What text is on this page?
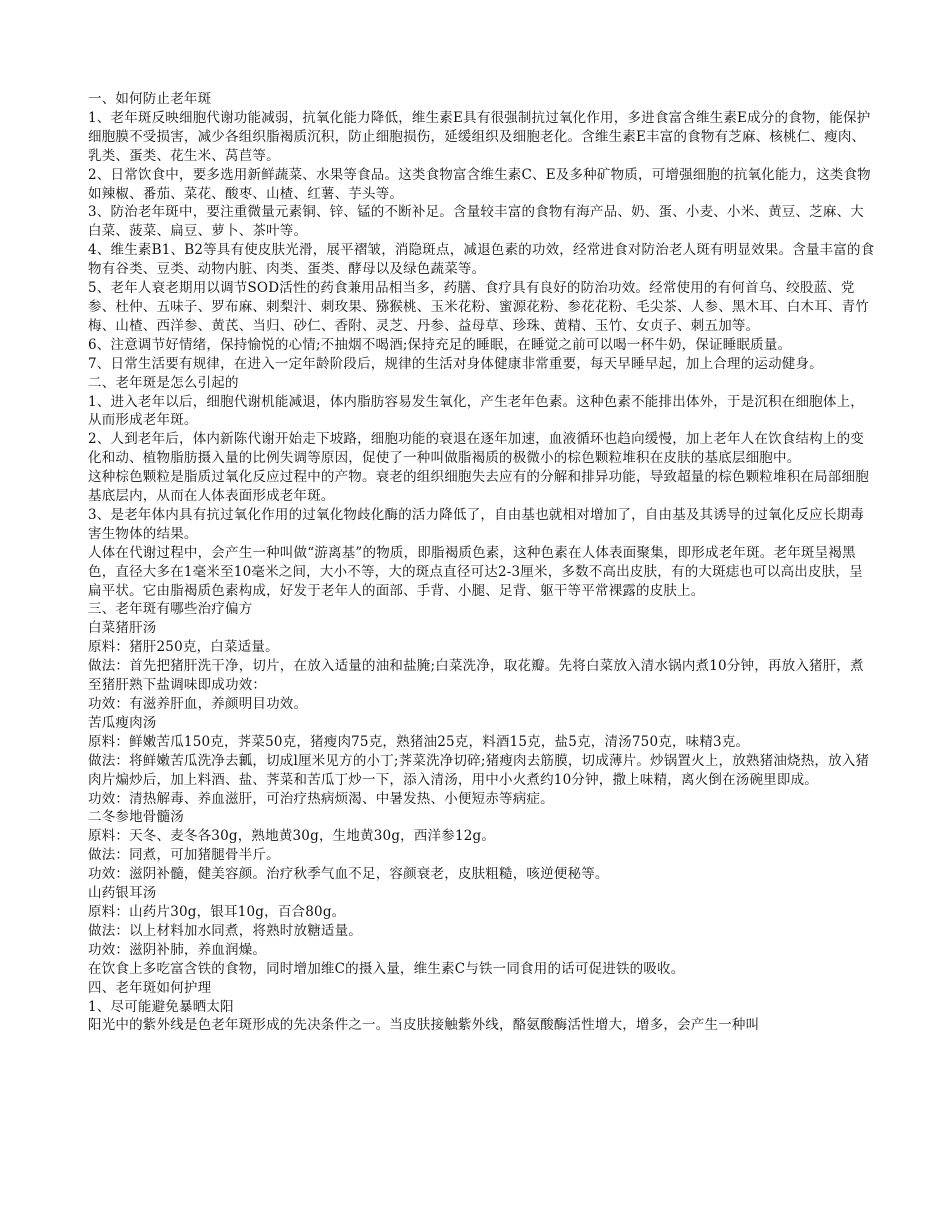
一、如何防止老年斑

1、老年斑反映细胞代谢功能减弱，抗氧化能力降低，维生素E具有很强制抗过氧化作用，多进食富含维生素E成分的食物，能保护细胞膜不受损害，减少各组织脂褐质沉积，防止细胞损伤，延缓组织及细胞老化。含维生素E丰富的食物有芝麻、核桃仁、瘦肉、乳类、蛋类、花生米、莴苣等。

2、日常饮食中，要多选用新鲜蔬菜、水果等食品。这类食物富含维生素C、E及多种矿物质，可增强细胞的抗氧化能力，这类食物如辣椒、番茄、菜花、酸枣、山楂、红薯、芋头等。

3、防治老年斑中，要注重微量元素铜、锌、锰的不断补足。含量较丰富的食物有海产品、奶、蛋、小麦、小米、黄豆、芝麻、大白菜、菠菜、扁豆、萝卜、茶叶等。

4、维生素B1、B2等具有使皮肤光滑，展平褶皱，消隐斑点，减退色素的功效，经常进食对防治老人斑有明显效果。含量丰富的食物有谷类、豆类、动物内脏、肉类、蛋类、酵母以及绿色蔬菜等。

5、老年人衰老期用以调节SOD活性的药食兼用品相当多，药膳、食疗具有良好的防治功效。经常使用的有何首乌、绞股蓝、党参、杜仲、五味子、罗布麻、刺梨汁、刺玫果、猕猴桃、玉米花粉、蜜源花粉、参花花粉、毛尖茶、人参、黑木耳、白木耳、青竹梅、山楂、西洋参、黄芪、当归、砂仁、香附、灵芝、丹参、益母草、珍珠、黄精、玉竹、女贞子、刺五加等。

6、注意调节好情绪，保持愉悦的心情;不抽烟不喝酒;保持充足的睡眠，在睡觉之前可以喝一杯牛奶，保证睡眠质量。

7、日常生活要有规律，在进入一定年龄阶段后，规律的生活对身体健康非常重要，每天早睡早起，加上合理的运动健身。

二、老年斑是怎么引起的

1、进入老年以后，细胞代谢机能减退，体内脂肪容易发生氧化，产生老年色素。这种色素不能排出体外，于是沉积在细胞体上，从而形成老年斑。

2、人到老年后，体内新陈代谢开始走下坡路，细胞功能的衰退在逐年加速，血液循环也趋向缓慢，加上老年人在饮食结构上的变化和动、植物脂肪摄入量的比例失调等原因，促使了一种叫做脂褐质的极微小的棕色颗粒堆积在皮肤的基底层细胞中。

这种棕色颗粒是脂质过氧化反应过程中的产物。衰老的组织细胞失去应有的分解和排异功能，导致超量的棕色颗粒堆积在局部细胞基底层内，从而在人体表面形成老年斑。

3、是老年体内具有抗过氧化作用的过氧化物歧化酶的活力降低了，自由基也就相对增加了，自由基及其诱导的过氧化反应长期毒害生物体的结果。

人体在代谢过程中，会产生一种叫做“游离基”的物质，即脂褐质色素，这种色素在人体表面聚集，即形成老年斑。老年斑呈褐黑色，直径大多在1毫米至10毫米之间，大小不等，大的斑点直径可达2-3厘米，多数不高出皮肤，有的大斑痣也可以高出皮肤，呈扁平状。它由脂褐质色素构成，好发于老年人的面部、手背、小腿、足背、躯干等平常裸露的皮肤上。

三、老年斑有哪些治疗偏方

白菜猪肝汤

原料：猪肝250克，白菜适量。

做法：首先把猪肝洗干净，切片，在放入适量的油和盐腌;白菜洗净，取花瓣。先将白菜放入清水锅内煮10分钟，再放入猪肝，煮至猪肝熟下盐调味即成功效：

功效：有滋养肝血，养颜明目功效。

苦瓜瘦肉汤

原料：鲜嫩苦瓜150克，荠菜50克，猪瘦肉75克，熟猪油25克，料酒15克，盐5克，清汤750克，味精3克。

做法：将鲜嫩苦瓜洗净去瓤，切成l厘米见方的小丁;荠菜洗净切碎;猪瘦肉去筋膜，切成薄片。炒锅置火上，放熟猪油烧热，放入猪肉片煸炒后，加上料酒、盐、荠菜和苦瓜丁炒一下，添入清汤，用中小火煮约10分钟，撒上味精，离火倒在汤碗里即成。

功效：清热解毒、养血滋肝，可治疗热病烦渴、中暑发热、小便短赤等病症。

二冬参地骨髓汤

原料：天冬、麦冬各30g，熟地黄30g，生地黄30g，西洋参12g。

做法：同煮，可加猪腿骨半斤。

功效：滋阴补髓，健美容颜。治疗秋季气血不足，容颜衰老，皮肤粗糙，咳逆便秘等。

山药银耳汤

原料：山药片30g，银耳10g，百合80g。

做法：以上材料加水同煮，将熟时放糖适量。

功效：滋阴补肺，养血润燥。

在饮食上多吃富含铁的食物，同时增加维C的摄入量，维生素C与铁一同食用的话可促进铁的吸收。

四、老年斑如何护理

1、尽可能避免暴晒太阳

阳光中的紫外线是色老年斑形成的先决条件之一。当皮肤接触紫外线，酪氨酸酶活性增大，增多，会产生一种叫
